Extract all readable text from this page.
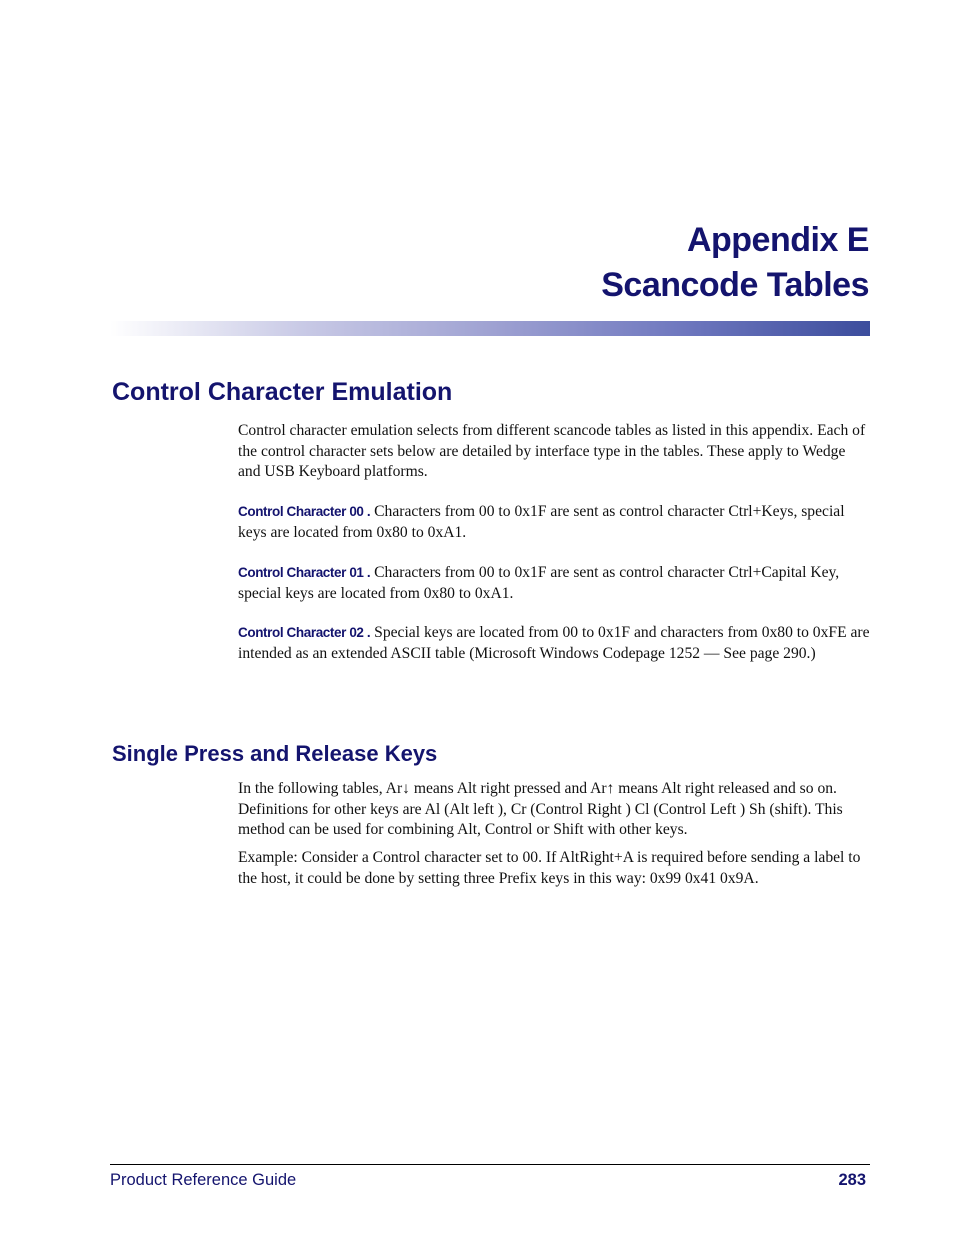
Appendix E
Scancode Tables
Control Character Emulation

Control character emulation selects from different scancode tables as listed in this appendix. Each of the control character sets below are detailed by interface type in the tables. These apply to Wedge and USB Keyboard platforms.

Control Character 00 . Characters from 00 to 0x1F are sent as control character Ctrl+Keys, special keys are located from 0x80 to 0xA1.

Control Character 01 . Characters from 00 to 0x1F are sent as control character Ctrl+Capital Key, special keys are located from 0x80 to 0xA1.

Control Character 02 . Special keys are located from 00 to 0x1F and characters from 0x80 to 0xFE are intended as an extended ASCII table (Microsoft Windows Codepage 1252 — See page 290.)

Single Press and Release Keys

In the following tables, Ar↓ means Alt right pressed and Ar↑ means Alt right released and so on. Definitions for other keys are Al (Alt left ), Cr (Control Right ) Cl (Control Left ) Sh (shift). This method can be used for combining Alt, Control or Shift with other keys.

Example: Consider a Control character set to 00. If AltRight+A is required before sending a label to the host, it could be done by setting three Prefix keys in this way: 0x99 0x41 0x9A.

Product Reference Guide	283
